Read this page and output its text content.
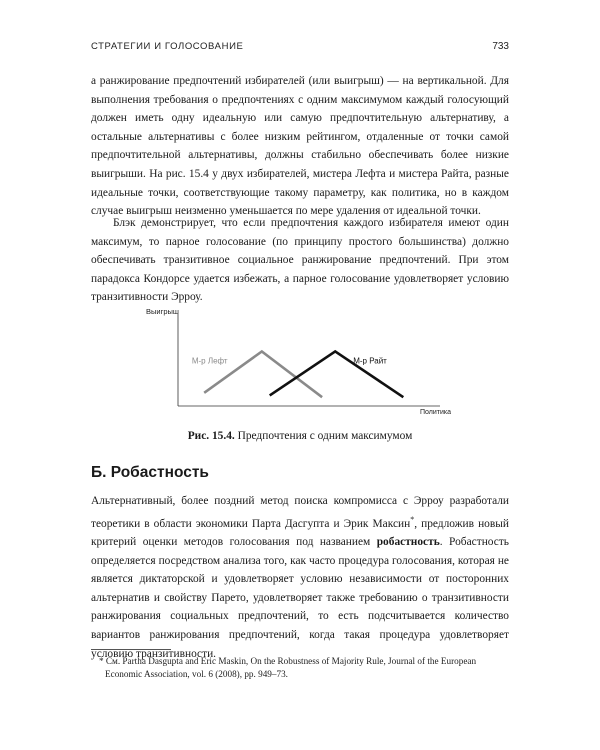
СТРАТЕГИИ И ГОЛОСОВАНИЕ	733

а ранжирование предпочтений избирателей (или выигрыш) — на вертикальной. Для выполнения требования о предпочтениях с одним максимумом каждый голосующий должен иметь одну идеальную или самую предпочтительную альтернативу, а остальные альтернативы с более низким рейтингом, отдаленные от точки самой предпочтительной альтернативы, должны стабильно обеспечивать более низкие выигрыши. На рис. 15.4 у двух избирателей, мистера Лефта и мистера Райта, разные идеальные точки, соответствующие такому параметру, как политика, но в каждом случае выигрыш неизменно уменьшается по мере удаления от идеальной точки.

Блэк демонстрирует, что если предпочтения каждого избирателя имеют один максимум, то парное голосование (по принципу простого большинства) должно обеспечивать транзитивное социальное ранжирование предпочтений. При этом парадокса Кондорсе удается избежать, а парное голосование удовлетворяет условию транзитивности Эрроу.

Выигрыш
Политика
М-р Лефт	М-р Райт
Рис. 15.4. Предпочтения с одним максимумом
Б. Робастность

Альтернативный, более поздний метод поиска компромисса с Эрроу разработали теоретики в области экономики Парта Дасгупта и Эрик Максин*, предложив новый критерий оценки методов голосования под названием робастность. Робастность определяется посредством анализа того, как часто процедура голосования, которая не является диктаторской и удовлетворяет условию независимости от посторонних альтернатив и свойству Парето, удовлетворяет также требованию о транзитивности ранжирования социальных предпочтений, то есть подсчитывается количество вариантов ранжирования предпочтений, когда такая процедура удовлетворяет условию транзитивности.

* См. Partha Dasgupta and Eric Maskin, On the Robustness of Majority Rule, Journal of the European
Economic Association, vol. 6 (2008), pp. 949–73.
